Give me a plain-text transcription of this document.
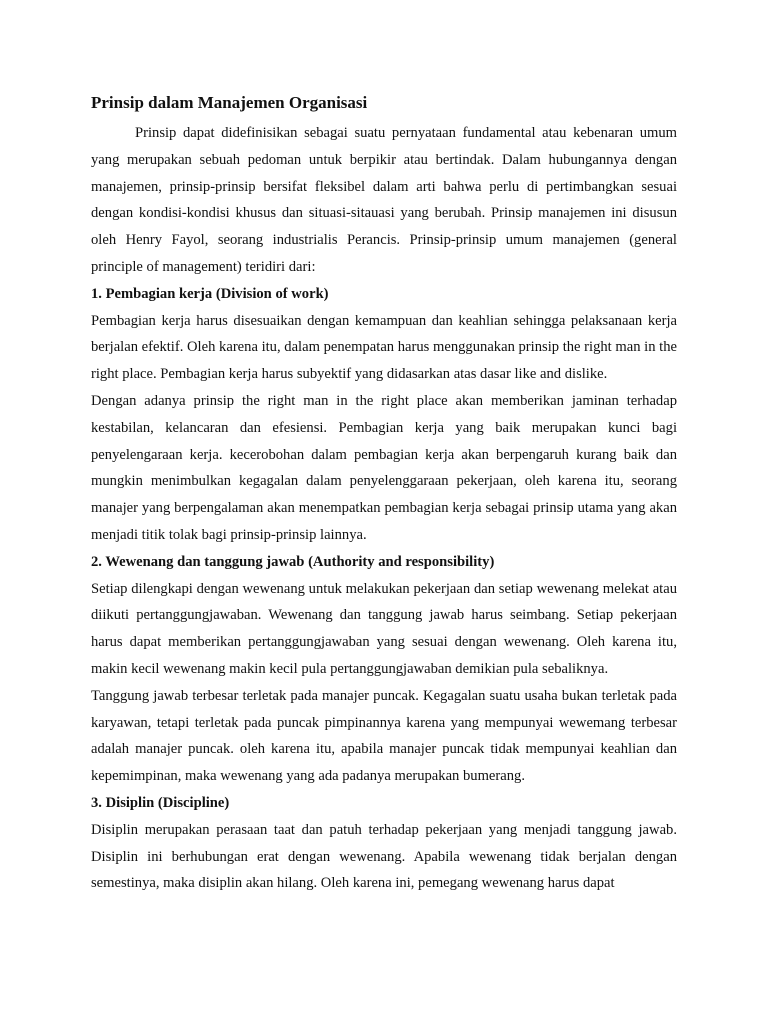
Prinsip dalam Manajemen Organisasi

Prinsip dapat didefinisikan sebagai suatu pernyataan fundamental atau kebenaran umum yang merupakan sebuah pedoman untuk berpikir atau bertindak. Dalam hubungannya dengan manajemen, prinsip-prinsip bersifat fleksibel dalam arti bahwa perlu di pertimbangkan sesuai dengan kondisi-kondisi khusus dan situasi-sitauasi yang berubah. Prinsip manajemen ini disusun oleh Henry Fayol, seorang industrialis Perancis. Prinsip-prinsip umum manajemen (general principle of management) teridiri dari:

1. Pembagian kerja (Division of work)

Pembagian kerja harus disesuaikan dengan kemampuan dan keahlian sehingga pelaksanaan kerja berjalan efektif. Oleh karena itu, dalam penempatan harus menggunakan prinsip the right man in the right place. Pembagian kerja harus subyektif yang didasarkan atas dasar like and dislike.

Dengan adanya prinsip the right man in the right place akan memberikan jaminan terhadap kestabilan, kelancaran dan efesiensi. Pembagian kerja yang baik merupakan kunci bagi penyelengaraan kerja. kecerobohan dalam pembagian kerja akan berpengaruh kurang baik dan mungkin menimbulkan kegagalan dalam penyelenggaraan pekerjaan, oleh karena itu, seorang manajer yang berpengalaman akan menempatkan pembagian kerja sebagai prinsip utama yang akan menjadi titik tolak bagi prinsip-prinsip lainnya.

2. Wewenang dan tanggung jawab (Authority and responsibility)

Setiap dilengkapi dengan wewenang untuk melakukan pekerjaan dan setiap wewenang melekat atau diikuti pertanggungjawaban. Wewenang dan tanggung jawab harus seimbang. Setiap pekerjaan harus dapat memberikan pertanggungjawaban yang sesuai dengan wewenang. Oleh karena itu, makin kecil wewenang makin kecil pula pertanggungjawaban demikian pula sebaliknya.

Tanggung jawab terbesar terletak pada manajer puncak. Kegagalan suatu usaha bukan terletak pada karyawan, tetapi terletak pada puncak pimpinannya karena yang mempunyai wewemang terbesar adalah manajer puncak. oleh karena itu, apabila manajer puncak tidak mempunyai keahlian dan kepemimpinan, maka wewenang yang ada padanya merupakan bumerang.

3. Disiplin (Discipline)

Disiplin merupakan perasaan taat dan patuh terhadap pekerjaan yang menjadi tanggung jawab. Disiplin ini berhubungan erat dengan wewenang. Apabila wewenang tidak berjalan dengan semestinya, maka disiplin akan hilang. Oleh karena ini, pemegang wewenang harus dapat
